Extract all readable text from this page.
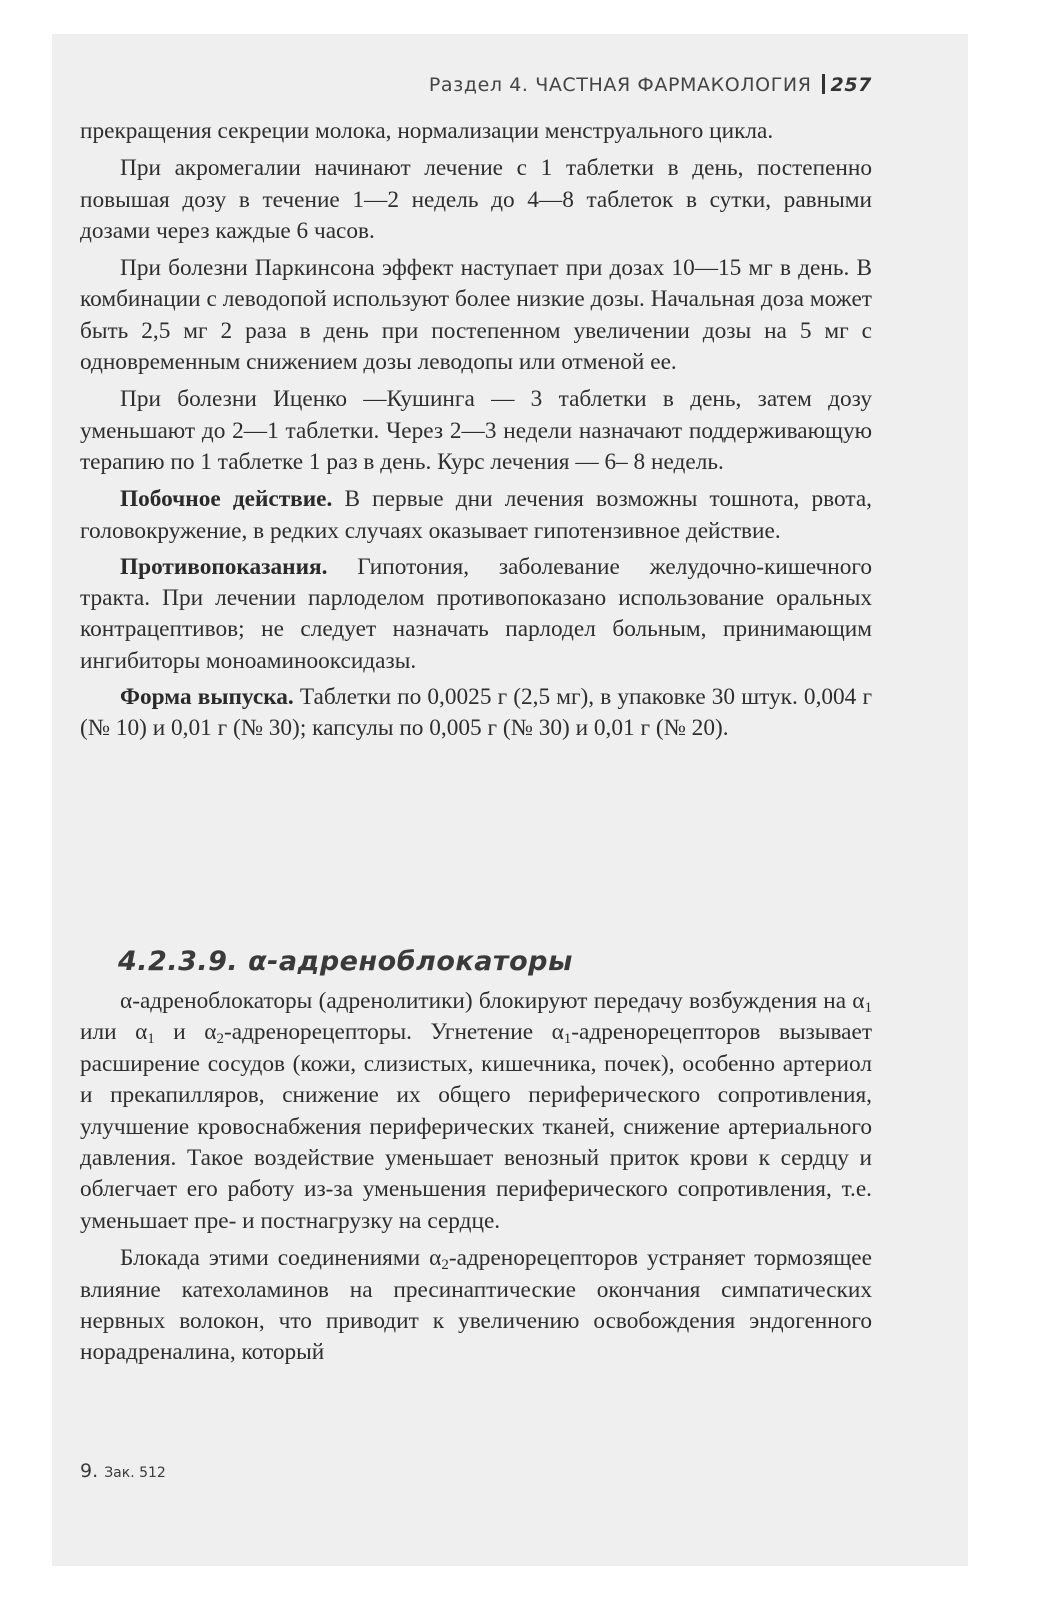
Раздел 4. ЧАСТНАЯ ФАРМАКОЛОГИЯ 257

прекращения секреции молока, нормализации менструального цикла.

При акромегалии начинают лечение с 1 таблетки в день, постепенно повышая дозу в течение 1—2 недель до 4—8 таблеток в сутки, равными дозами через каждые 6 часов.

При болезни Паркинсона эффект наступает при дозах 10—15 мг в день. В комбинации с леводопой используют более низкие дозы. Начальная доза может быть 2,5 мг 2 раза в день при постепенном увеличении дозы на 5 мг с одновременным снижением дозы леводопы или отменой ее.

При болезни Иценко —Кушинга — 3 таблетки в день, затем дозу уменьшают до 2—1 таблетки. Через 2—3 недели назначают поддерживающую терапию по 1 таблетке 1 раз в день. Курс лечения — 6– 8 недель.

Побочное действие. В первые дни лечения возможны тошнота, рвота, головокружение, в редких случаях оказывает гипотензивное действие.

Противопоказания. Гипотония, заболевание желудочно-кишечного тракта. При лечении парлоделом противопоказано использование оральных контрацептивов; не следует назначать парлодел больным, принимающим ингибиторы моноаминооксидазы.

Форма выпуска. Таблетки по 0,0025 г (2,5 мг), в упаковке 30 штук. 0,004 г (№ 10) и 0,01 г (№ 30); капсулы по 0,005 г (№ 30) и 0,01 г (№ 20).

4.2.3.9. α-адреноблокаторы

α-адреноблокаторы (адренолитики) блокируют передачу возбуждения на $\alpha_1$ или $\alpha_1$ и $\alpha_2$-адренорецепторы. Угнетение $\alpha_1$-адренорецепторов вызывает расширение сосудов (кожи, слизистых, кишечника, почек), особенно артериол и прекапилляров, снижение их общего периферического сопротивления, улучшение кровоснабжения периферических тканей, снижение артериального давления. Такое воздействие уменьшает венозный приток крови к сердцу и облегчает его работу из-за уменьшения периферического сопротивления, т.е. уменьшает пре- и постнагрузку на сердце.

Блокада этими соединениями $\alpha_2$-адренорецепторов устраняет тормозящее влияние катехоламинов на пресинаптические окончания симпатических нервных волокон, что приводит к увеличению освобождения эндогенного норадреналина, который

9. Зак. 512
